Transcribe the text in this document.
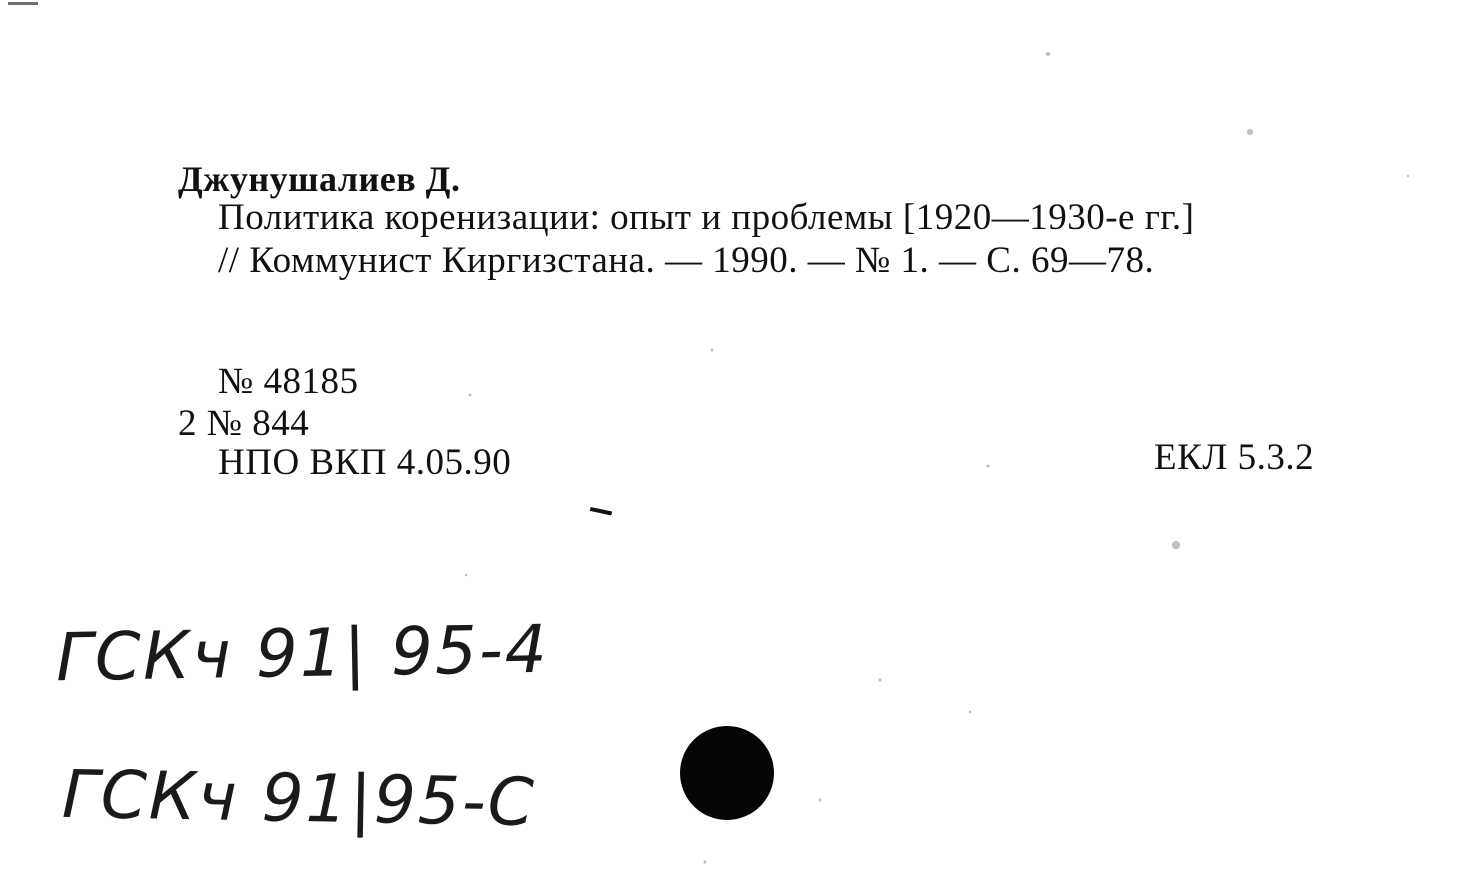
Джунушалиев Д.
Политика коренизации: опыт и проблемы [1920—1930-е гг.]
// Коммунист Киргизстана. — 1990. — № 1. — С. 69—78.
№ 48185
2 № 844
НПО ВКП 4.05.90	ЕКЛ 5.3.2
ГСКч 91| 95-4
ГСКч 91|95-С
